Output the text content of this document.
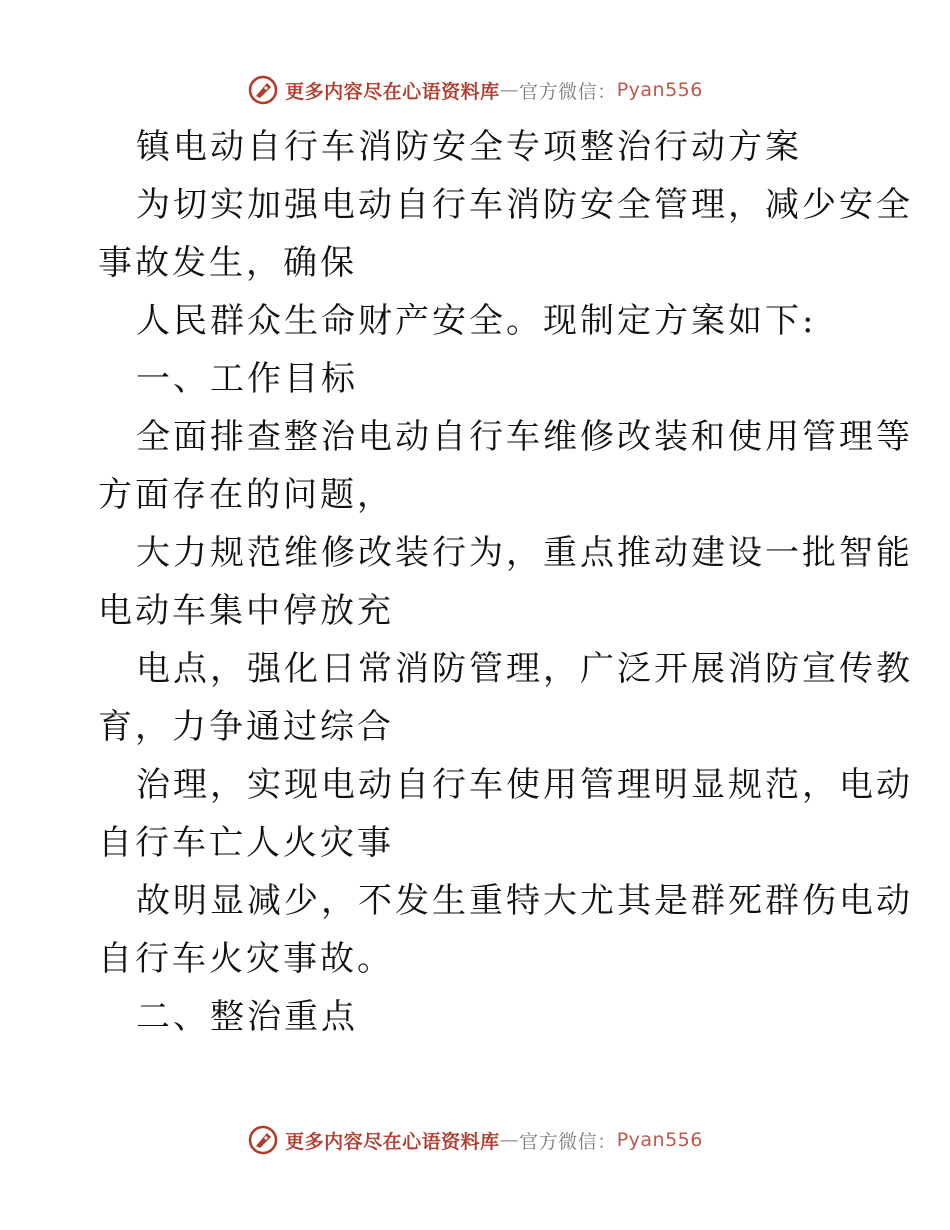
更多内容尽在心语资料库 — 官方微信： Pyan556

镇电动自行车消防安全专项整治行动方案

为切实加强电动自行车消防安全管理，减少安全

事故发生，确保

人民群众生命财产安全。现制定方案如下:

一、工作目标

全面排查整治电动自行车维修改装和使用管理等

方面存在的问题，

大力规范维修改装行为，重点推动建设一批智能

电动车集中停放充

电点，强化日常消防管理，广泛开展消防宣传教

育，力争通过综合

治理，实现电动自行车使用管理明显规范，电动

自行车亡人火灾事

故明显减少，不发生重特大尤其是群死群伤电动

自行车火灾事故。

二、整治重点

更多内容尽在心语资料库 — 官方微信： Pyan556
